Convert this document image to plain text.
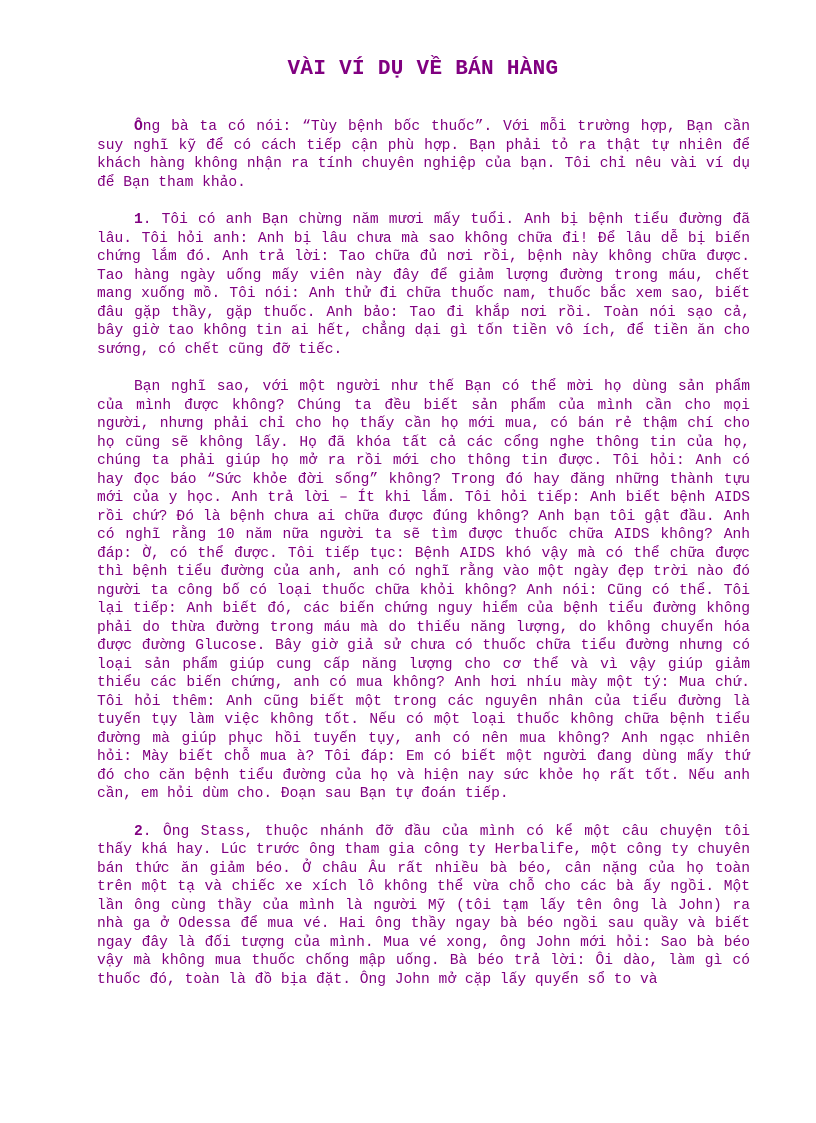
VÀI VÍ DỤ VỀ BÁN HÀNG

Ông bà ta có nói: “Tùy bệnh bốc thuốc”. Với mỗi trường hợp, Bạn cần suy nghĩ kỹ để có cách tiếp cận phù hợp. Bạn phải tỏ ra thật tự nhiên để khách hàng không nhận ra tính chuyên nghiệp của bạn. Tôi chỉ nêu vài ví dụ để Bạn tham khảo.

1. Tôi có anh Bạn chừng năm mươi mấy tuổi. Anh bị bệnh tiểu đường đã lâu. Tôi hỏi anh: Anh bị lâu chưa mà sao không chữa đi! Để lâu dễ bị biến chứng lắm đó. Anh trả lời: Tao chữa đủ nơi rồi, bệnh này không chữa được. Tao hàng ngày uống mấy viên này đây để giảm lượng đường trong máu, chết mang xuống mồ. Tôi nói: Anh thử đi chữa thuốc nam, thuốc bắc xem sao, biết đâu gặp thầy, gặp thuốc. Anh bảo: Tao đi khắp nơi rồi. Toàn nói sạo cả, bây giờ tao không tin ai hết, chẳng dại gì tốn tiền vô ích, để tiền ăn cho sướng, có chết cũng đỡ tiếc.

Bạn nghĩ sao, với một người như thế Bạn có thể mời họ dùng sản phẩm của mình được không? Chúng ta đều biết sản phẩm của mình cần cho mọi người, nhưng phải chỉ cho họ thấy cần họ mới mua, có bán rẻ thậm chí cho họ cũng sẽ không lấy. Họ đã khóa tất cả các cổng nghe thông tin của họ, chúng ta phải giúp họ mở ra rồi mới cho thông tin được. Tôi hỏi: Anh có hay đọc báo “Sức khỏe đời sống” không? Trong đó hay đăng những thành tựu mới của y học. Anh trả lời – Ít khi lắm. Tôi hỏi tiếp: Anh biết bệnh AIDS rồi chứ? Đó là bệnh chưa ai chữa được đúng không? Anh bạn tôi gật đầu. Anh có nghĩ rằng 10 năm nữa người ta sẽ tìm được thuốc chữa AIDS không? Anh đáp: Ờ, có thể được. Tôi tiếp tục: Bệnh AIDS khó vậy mà có thể chữa được thì bệnh tiểu đường của anh, anh có nghĩ rằng vào một ngày đẹp trời nào đó người ta công bố có loại thuốc chữa khỏi không? Anh nói: Cũng có thể. Tôi lại tiếp: Anh biết đó, các biến chứng nguy hiểm của bệnh tiểu đường không phải do thừa đường trong máu mà do thiếu năng lượng, do không chuyển hóa được đường Glucose. Bây giờ giả sử chưa có thuốc chữa tiểu đường nhưng có loại sản phẩm giúp cung cấp năng lượng cho cơ thể và vì vậy giúp giảm thiểu các biến chứng, anh có mua không? Anh hơi nhíu mày một tý: Mua chứ. Tôi hỏi thêm: Anh cũng biết một trong các nguyên nhân của tiểu đường là tuyến tụy làm việc không tốt. Nếu có một loại thuốc không chữa bệnh tiểu đường mà giúp phục hồi tuyến tụy, anh có nên mua không? Anh ngạc nhiên hỏi: Mày biết chỗ mua à? Tôi đáp: Em có biết một người đang dùng mấy thứ đó cho căn bệnh tiểu đường của họ và hiện nay sức khỏe họ rất tốt. Nếu anh cần, em hỏi dùm cho. Đoạn sau Bạn tự đoán tiếp.

2. Ông Stass, thuộc nhánh đỡ đầu của mình có kể một câu chuyện tôi thấy khá hay. Lúc trước ông tham gia công ty Herbalife, một công ty chuyên bán thức ăn giảm béo. Ở châu Âu rất nhiều bà béo, cân nặng của họ toàn trên một tạ và chiếc xe xích lô không thể vừa chỗ cho các bà ấy ngồi. Một lần ông cùng thầy của mình là người Mỹ (tôi tạm lấy tên ông là John) ra nhà ga ở Odessa để mua vé. Hai ông thầy ngay bà béo ngồi sau quầy và biết ngay đây là đối tượng của mình. Mua vé xong, ông John mới hỏi: Sao bà béo vậy mà không mua thuốc chống mập uống. Bà béo trả lời: Ôi dào, làm gì có thuốc đó, toàn là đồ bịa đặt. Ông John mở cặp lấy quyển sổ to và
